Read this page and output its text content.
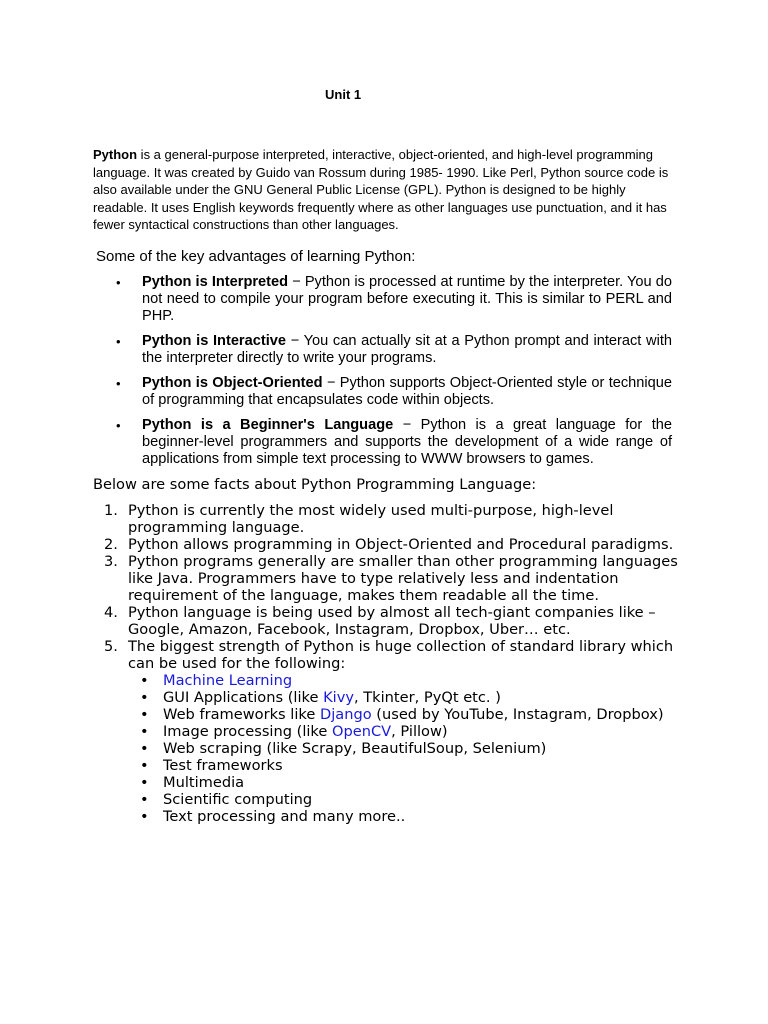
Unit 1

Python is a general-purpose interpreted, interactive, object-oriented, and high-level programming language. It was created by Guido van Rossum during 1985- 1990. Like Perl, Python source code is also available under the GNU General Public License (GPL). Python is designed to be highly readable. It uses English keywords frequently where as other languages use punctuation, and it has fewer syntactical constructions than other languages.

Some of the key advantages of learning Python:

• Python is Interpreted − Python is processed at runtime by the interpreter. You do not need to compile your program before executing it. This is similar to PERL and PHP.
• Python is Interactive − You can actually sit at a Python prompt and interact with the interpreter directly to write your programs.
• Python is Object-Oriented − Python supports Object-Oriented style or technique of programming that encapsulates code within objects.
• Python is a Beginner's Language − Python is a great language for the beginner-level programmers and supports the development of a wide range of applications from simple text processing to WWW browsers to games.

Below are some facts about Python Programming Language:

1. Python is currently the most widely used multi-purpose, high-level programming language.
2. Python allows programming in Object-Oriented and Procedural paradigms.
3. Python programs generally are smaller than other programming languages like Java. Programmers have to type relatively less and indentation requirement of the language, makes them readable all the time.
4. Python language is being used by almost all tech-giant companies like – Google, Amazon, Facebook, Instagram, Dropbox, Uber… etc.
5. The biggest strength of Python is huge collection of standard library which can be used for the following:
• Machine Learning
• GUI Applications (like Kivy, Tkinter, PyQt etc. )
• Web frameworks like Django (used by YouTube, Instagram, Dropbox)
• Image processing (like OpenCV, Pillow)
• Web scraping (like Scrapy, BeautifulSoup, Selenium)
• Test frameworks
• Multimedia
• Scientific computing
• Text processing and many more..
